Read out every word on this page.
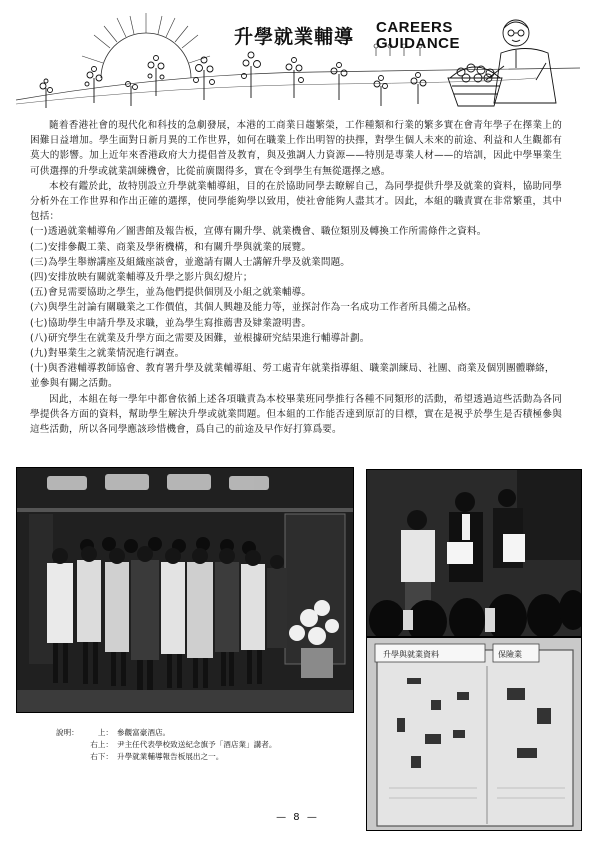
升學就業輔導 CAREERS
GUIDANCE

隨着香港社會的現代化和科技的急劇發展，本港的工商業日趨繁榮，工作種類和行業的繁多實在會青年學子在擇業上的困難日益增加。學生面對日新月異的工作世界，如何在職業上作出明智的抉擇，對學生個人未來的前途、利益和人生觀都有莫大的影響。加上近年來香港政府大力提倡普及教育，與及強調人力資源——特別是專業人材——的培訓，因此中學畢業生可供選擇的升學或就業訓練機會，比從前廣闊得多，實在令到學生有無從選擇之感。

本校有鑑於此，故特別設立升學就業輔導組，目的在於協助同學去瞭解自己，為同學提供升學及就業的資料，協助同學分析外在工作世界和作出正確的選擇，使同學能夠學以致用，使社會能夠人盡其才。因此，本組的職責實在非常繁重，其中包括：

(一)透過就業輔導角／圖書館及報告板，宣傳有關升學、就業機會、職位類別及轉換工作所需條件之資料。
(二)安排參觀工業、商業及學術機構，和有關升學與就業的展覽。
(三)為學生舉辦講座及組織座談會，並邀請有關人士講解升學及就業問題。
(四)安排放映有關就業輔導及升學之影片與幻燈片；
(五)會見需要協助之學生，並為他們提供個別及小組之就業輔導。
(六)與學生討論有關職業之工作價值，其個人興趣及能力等，並探討作為一名成功工作者所具備之品格。
(七)協助學生申請升學及求職，並為學生寫推薦書及肄業證明書。
(八)研究學生在就業及升學方面之需要及困難，並根據研究結果進行輔導計劃。
(九)對畢業生之就業情況進行調查。
(十)與香港輔導教師協會、教育署升學及就業輔導組、勞工處青年就業指導組、職業訓練局、社團、商業及個別團體聯絡，並參與有關之活動。

因此，本組在每一學年中都會依循上述各項職責為本校畢業班同學推行各種不同類形的活動，希望透過這些活動為各同學提供各方面的資料，幫助學生解決升學或就業問題。但本組的工作能否達到原訂的目標，實在是視乎於學生是否積極參與這些活動，所以各同學應該珍惜機會，爲自己的前途及早作好打算爲要。

升學與就業資料	保險業
說明：	上： 參觀富豪酒店。
右上： 尹主任代表學校致送紀念旗予「酒店業」講者。
右下： 升學就業輔導報告板展出之一。
— 8 —
